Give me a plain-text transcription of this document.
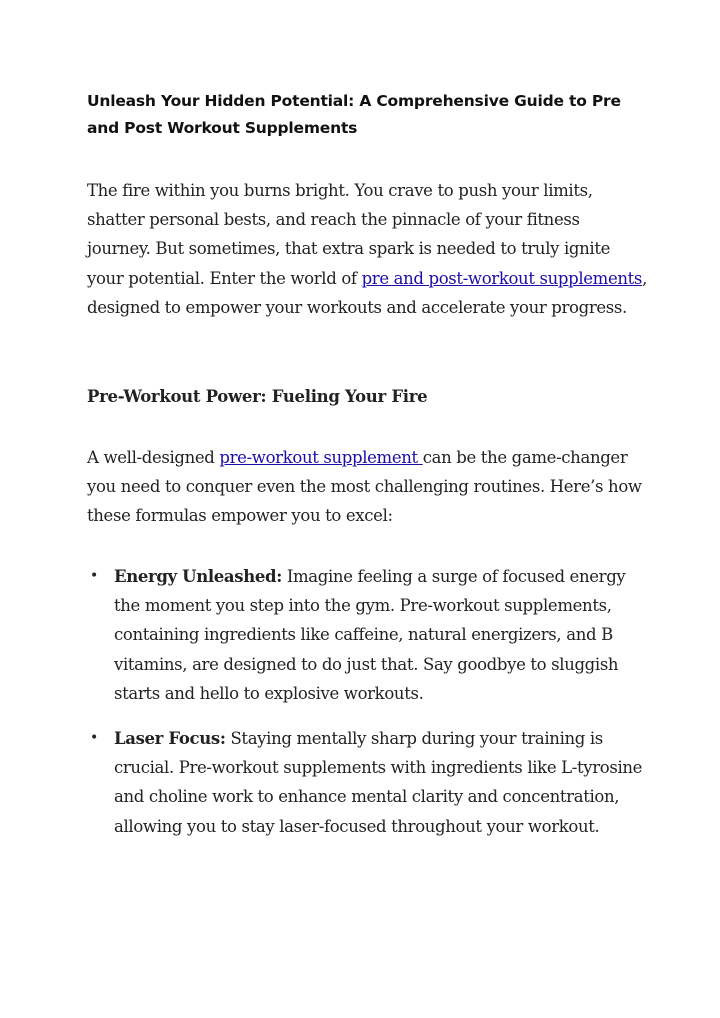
Unleash Your Hidden Potential: A Comprehensive Guide to Pre and Post Workout Supplements

The fire within you burns bright. You crave to push your limits, shatter personal bests, and reach the pinnacle of your fitness journey. But sometimes, that extra spark is needed to truly ignite your potential. Enter the world of pre and post-workout supplements, designed to empower your workouts and accelerate your progress.

Pre-Workout Power: Fueling Your Fire

A well-designed pre-workout supplement can be the game-changer you need to conquer even the most challenging routines. Here’s how these formulas empower you to excel:

• Energy Unleashed: Imagine feeling a surge of focused energy the moment you step into the gym. Pre-workout supplements, containing ingredients like caffeine, natural energizers, and B vitamins, are designed to do just that. Say goodbye to sluggish starts and hello to explosive workouts.
• Laser Focus: Staying mentally sharp during your training is crucial. Pre-workout supplements with ingredients like L-tyrosine and choline work to enhance mental clarity and concentration, allowing you to stay laser-focused throughout your workout.
